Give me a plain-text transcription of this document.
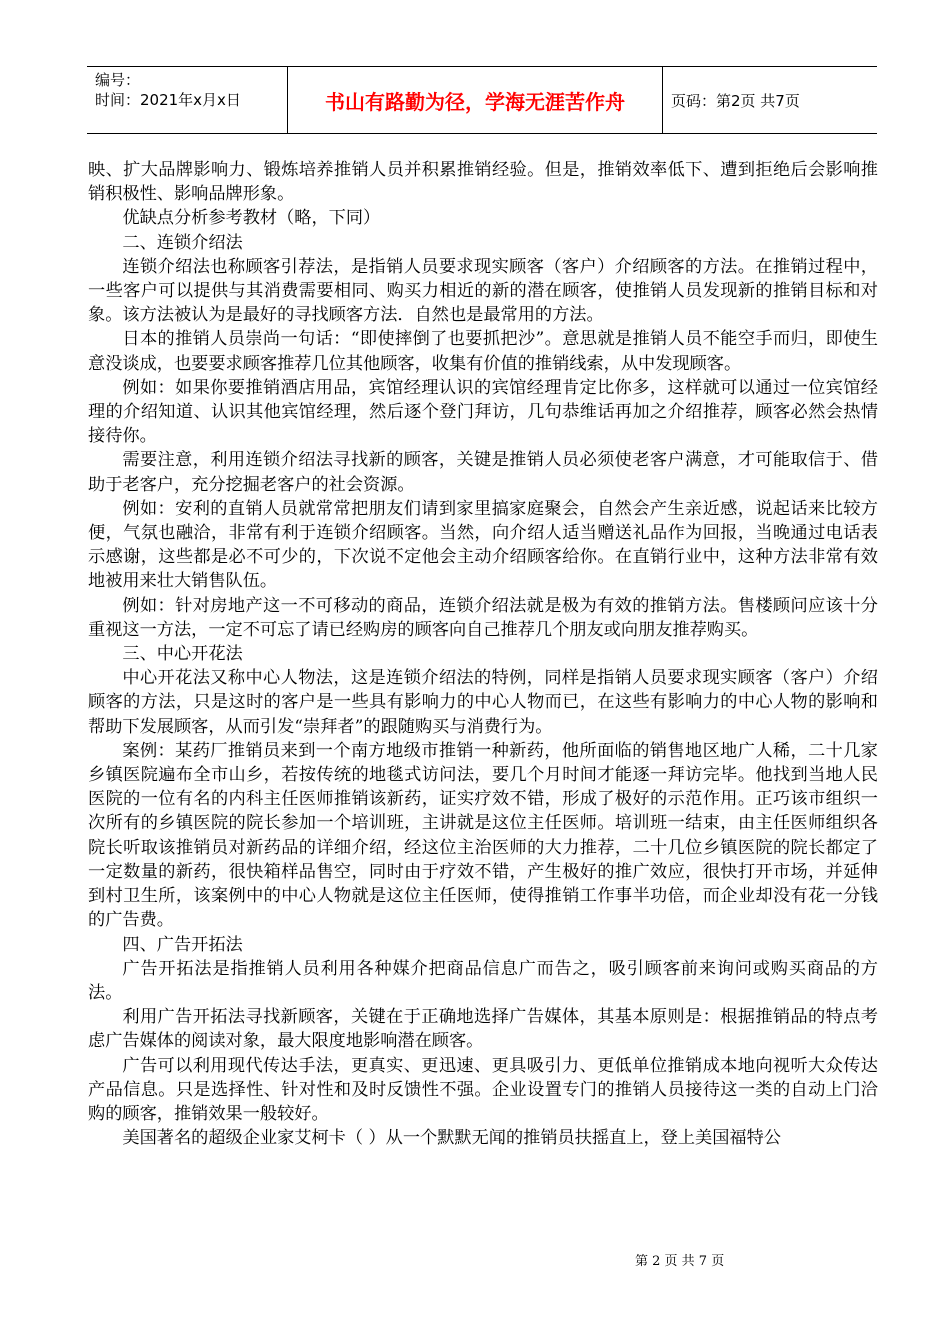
编号：
时间：2021年x月x日	书山有路勤为径，学海无涯苦作舟	页码：第2页 共7页

映、扩大品牌影响力、锻炼培养推销人员并积累推销经验。但是，推销效率低下、遭到拒绝后会影响推销积极性、影响品牌形象。

优缺点分析参考教材（略，下同）

二、连锁介绍法

连锁介绍法也称顾客引荐法，是指销人员要求现实顾客（客户）介绍顾客的方法。在推销过程中，一些客户可以提供与其消费需要相同、购买力相近的新的潜在顾客，使推销人员发现新的推销目标和对象。该方法被认为是最好的寻找顾客方法．自然也是最常用的方法。

日本的推销人员崇尚一句话：“即使摔倒了也要抓把沙”。意思就是推销人员不能空手而归，即使生意没谈成，也要要求顾客推荐几位其他顾客，收集有价值的推销线索，从中发现顾客。

例如：如果你要推销酒店用品，宾馆经理认识的宾馆经理肯定比你多，这样就可以通过一位宾馆经理的介绍知道、认识其他宾馆经理，然后逐个登门拜访，几句恭维话再加之介绍推荐，顾客必然会热情接待你。

需要注意，利用连锁介绍法寻找新的顾客，关键是推销人员必须使老客户满意，才可能取信于、借助于老客户，充分挖掘老客户的社会资源。

例如：安利的直销人员就常常把朋友们请到家里搞家庭聚会，自然会产生亲近感，说起话来比较方便，气氛也融洽，非常有利于连锁介绍顾客。当然，向介绍人适当赠送礼品作为回报，当晚通过电话表示感谢，这些都是必不可少的，下次说不定他会主动介绍顾客给你。在直销行业中，这种方法非常有效地被用来壮大销售队伍。

例如：针对房地产这一不可移动的商品，连锁介绍法就是极为有效的推销方法。售楼顾问应该十分重视这一方法，一定不可忘了请已经购房的顾客向自己推荐几个朋友或向朋友推荐购买。

三、中心开花法

中心开花法又称中心人物法，这是连锁介绍法的特例，同样是指销人员要求现实顾客（客户）介绍顾客的方法，只是这时的客户是一些具有影响力的中心人物而已，在这些有影响力的中心人物的影响和帮助下发展顾客，从而引发“崇拜者”的跟随购买与消费行为。

案例：某药厂推销员来到一个南方地级市推销一种新药，他所面临的销售地区地广人稀，二十几家乡镇医院遍布全市山乡，若按传统的地毯式访问法，要几个月时间才能逐一拜访完毕。他找到当地人民医院的一位有名的内科主任医师推销该新药，证实疗效不错，形成了极好的示范作用。正巧该市组织一次所有的乡镇医院的院长参加一个培训班，主讲就是这位主任医师。培训班一结束，由主任医师组织各院长听取该推销员对新药品的详细介绍，经这位主治医师的大力推荐，二十几位乡镇医院的院长都定了一定数量的新药，很快箱样品售空，同时由于疗效不错，产生极好的推广效应，很快打开市场，并延伸到村卫生所，该案例中的中心人物就是这位主任医师，使得推销工作事半功倍，而企业却没有花一分钱的广告费。

四、广告开拓法

广告开拓法是指推销人员利用各种媒介把商品信息广而告之，吸引顾客前来询问或购买商品的方法。

利用广告开拓法寻找新顾客，关键在于正确地选择广告媒体，其基本原则是：根据推销品的特点考虑广告媒体的阅读对象，最大限度地影响潜在顾客。

广告可以利用现代传达手法，更真实、更迅速、更具吸引力、更低单位推销成本地向视听大众传达产品信息。只是选择性、针对性和及时反馈性不强。企业设置专门的推销人员接待这一类的自动上门洽购的顾客，推销效果一般较好。

美国著名的超级企业家艾柯卡（ ）从一个默默无闻的推销员扶摇直上，登上美国福特公

第 2 页 共 7 页
